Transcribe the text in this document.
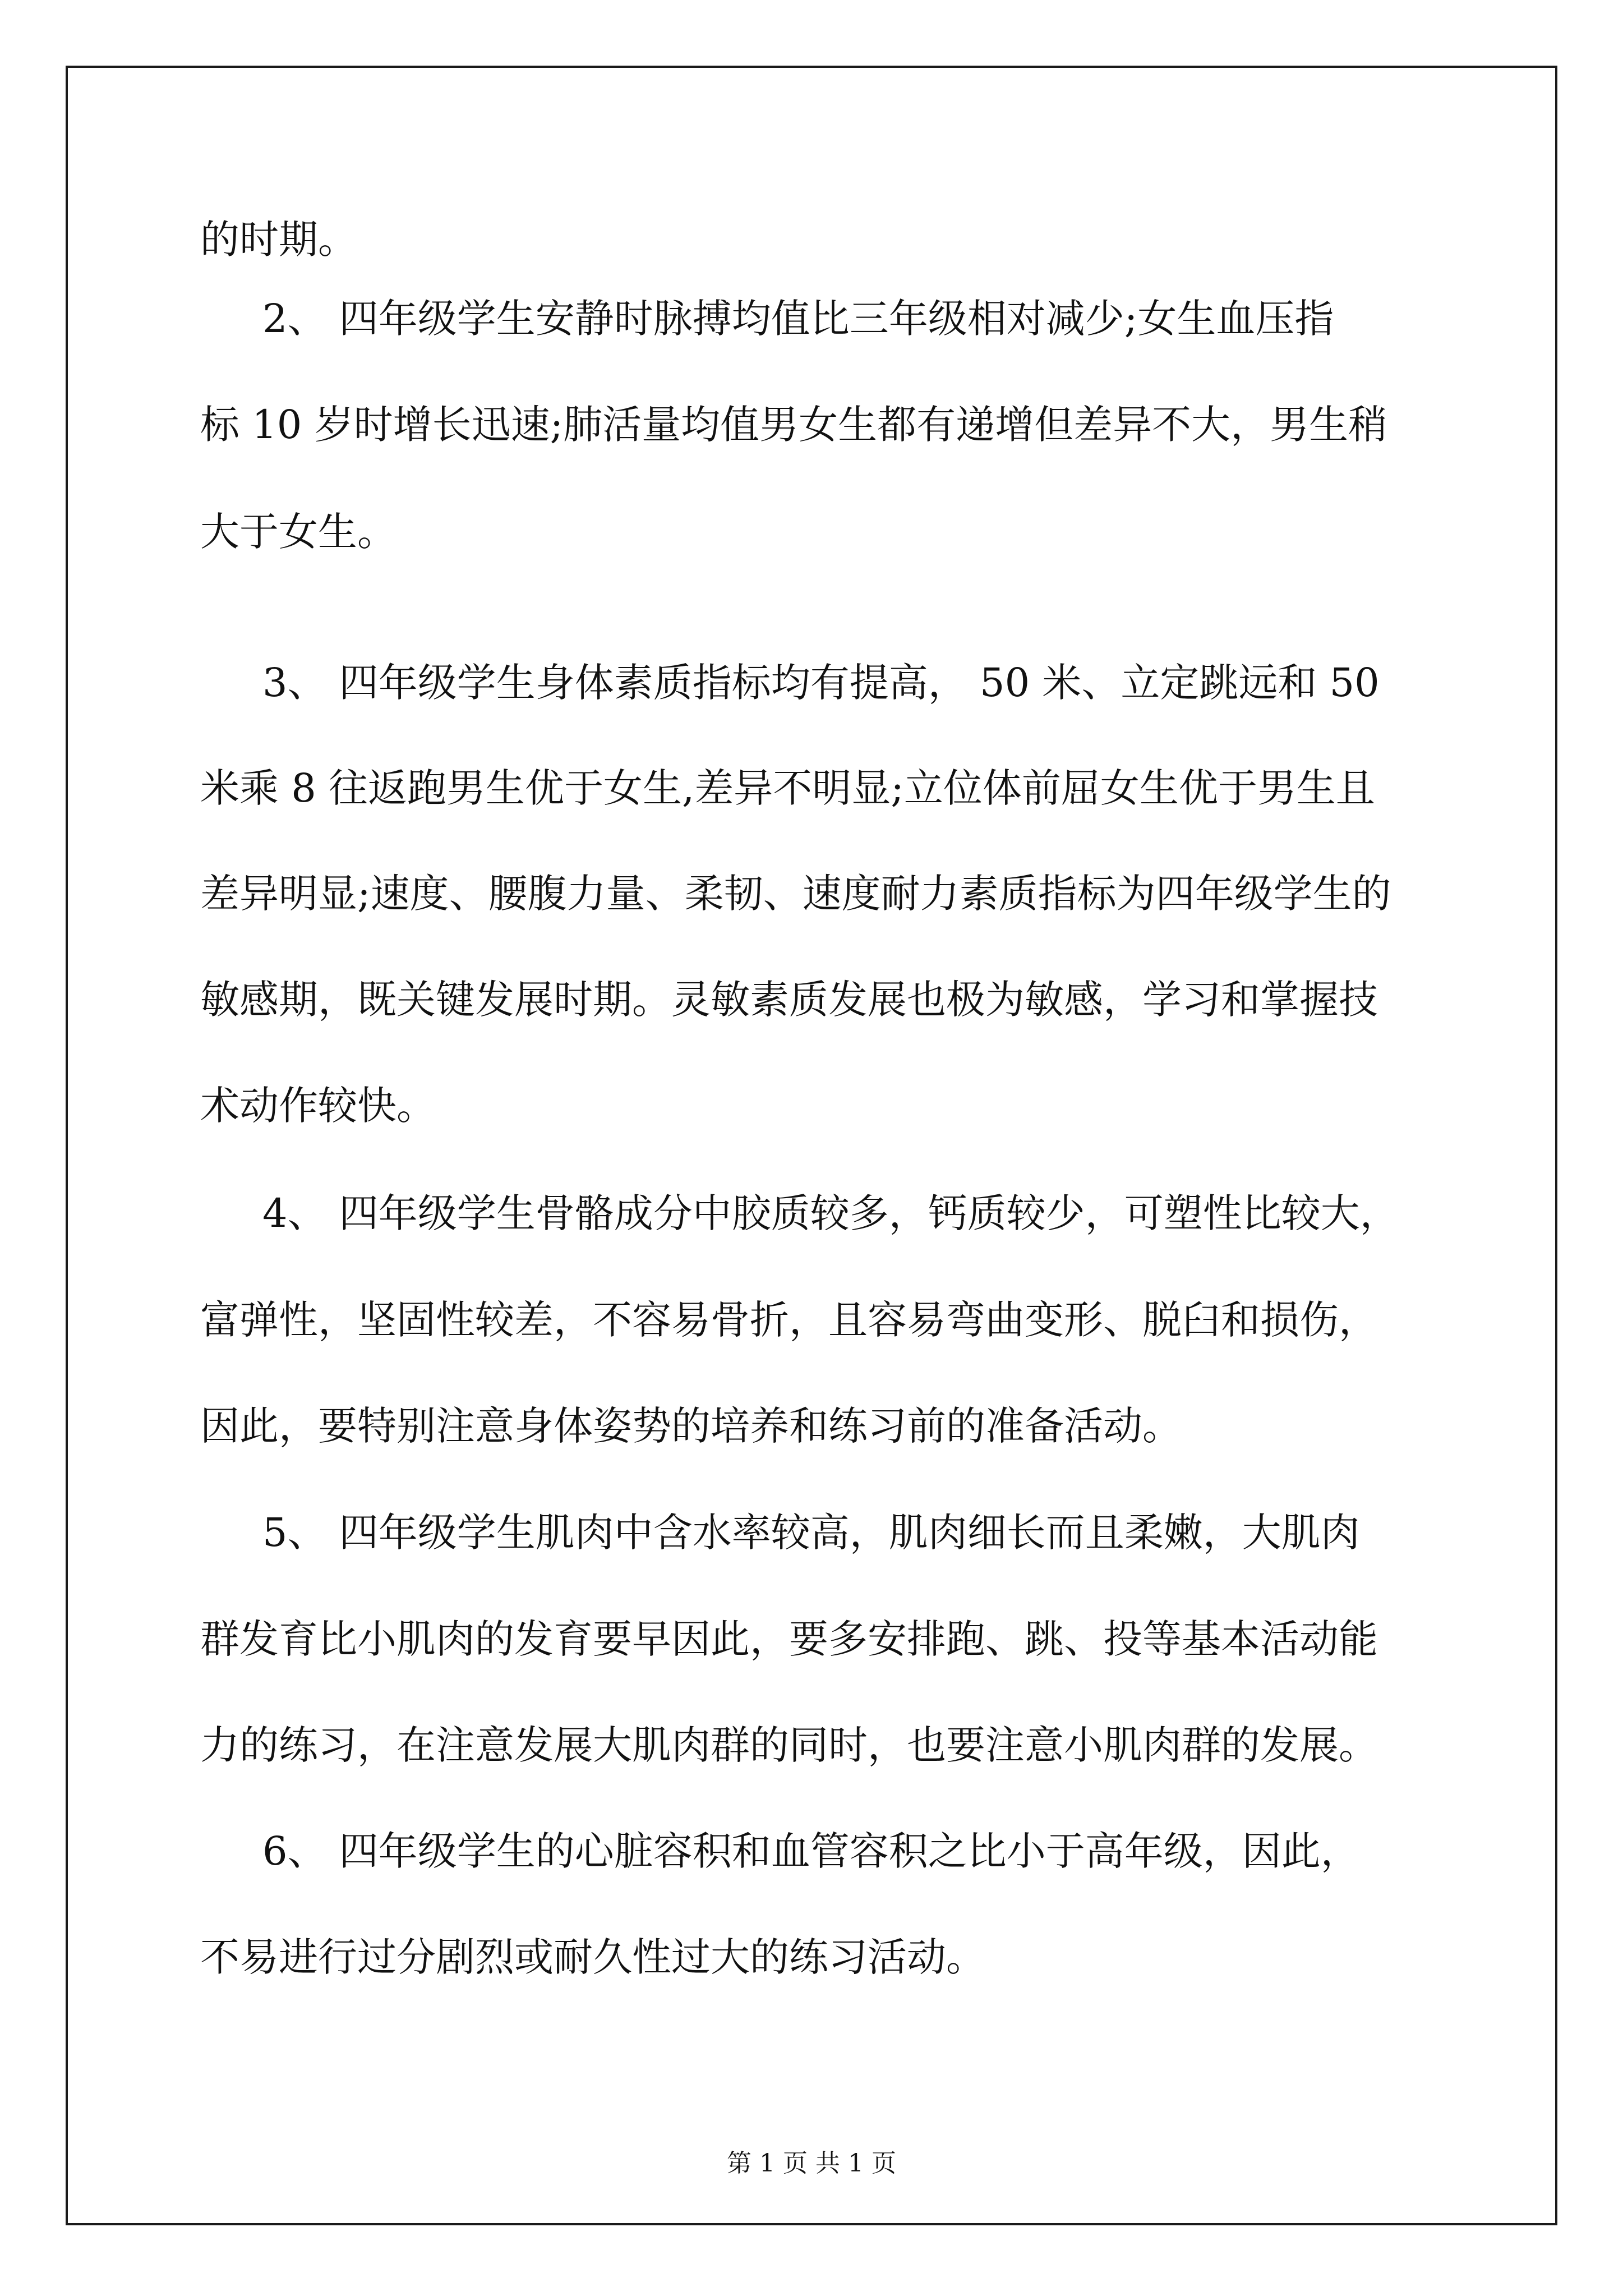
的时期。
2、 四年级学生安静时脉搏均值比三年级相对减少;女生血压指
标 10 岁时增长迅速;肺活量均值男女生都有递增但差异不大，男生稍
大于女生。
3、 四年级学生身体素质指标均有提高， 50 米、立定跳远和 50
米乘 8 往返跑男生优于女生,差异不明显;立位体前屈女生优于男生且
差异明显;速度、腰腹力量、柔韧、速度耐力素质指标为四年级学生的
敏感期，既关键发展时期。灵敏素质发展也极为敏感，学习和掌握技
术动作较快。
4、 四年级学生骨骼成分中胶质较多，钙质较少，可塑性比较大，
富弹性，坚固性较差，不容易骨折，且容易弯曲变形、脱臼和损伤，
因此，要特别注意身体姿势的培养和练习前的准备活动。
5、 四年级学生肌肉中含水率较高，肌肉细长而且柔嫩，大肌肉
群发育比小肌肉的发育要早因此，要多安排跑、跳、投等基本活动能
力的练习，在注意发展大肌肉群的同时，也要注意小肌肉群的发展。
6、 四年级学生的心脏容积和血管容积之比小于高年级，因此，
不易进行过分剧烈或耐久性过大的练习活动。
第 1 页 共 1 页
